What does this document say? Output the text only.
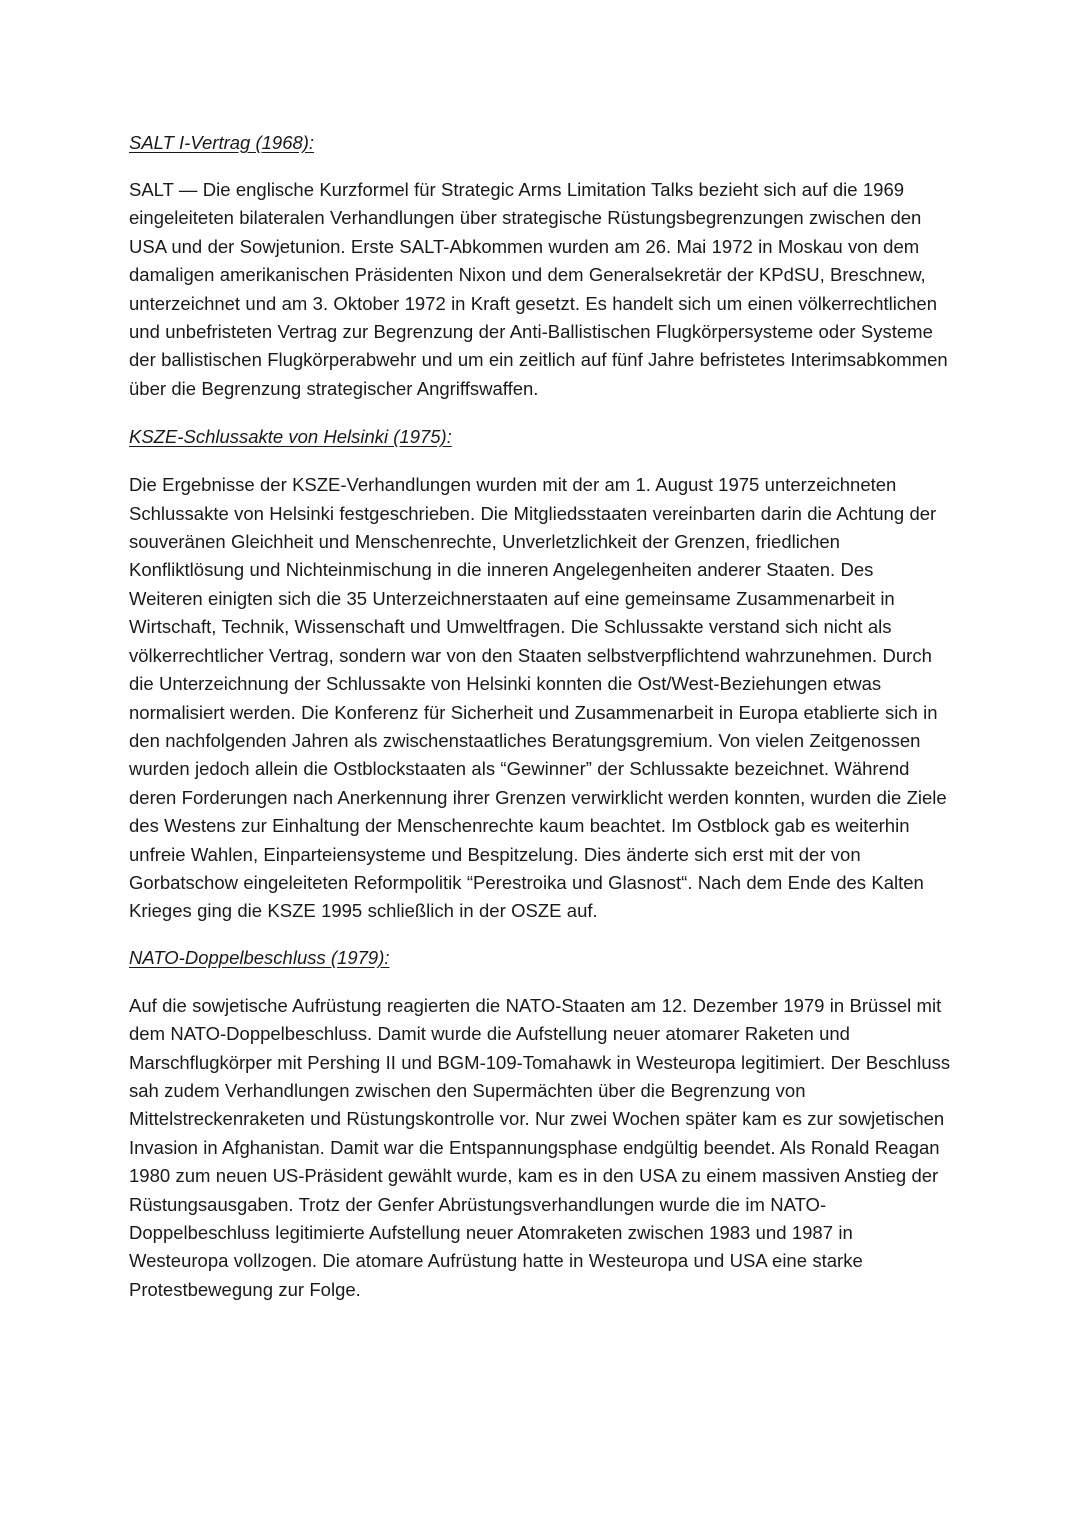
SALT I-Vertrag (1968):

SALT — Die englische Kurzformel für Strategic Arms Limitation Talks bezieht sich auf die 1969 eingeleiteten bilateralen Verhandlungen über strategische Rüstungsbegrenzungen zwischen den USA und der Sowjetunion. Erste SALT-Abkommen wurden am 26. Mai 1972 in Moskau von dem damaligen amerikanischen Präsidenten Nixon und dem Generalsekretär der KPdSU, Breschnew, unterzeichnet und am 3. Oktober 1972 in Kraft gesetzt. Es handelt sich um einen völkerrechtlichen und unbefristeten Vertrag zur Begrenzung der Anti-Ballistischen Flugkörpersysteme oder Systeme der ballistischen Flugkörperabwehr und um ein zeitlich auf fünf Jahre befristetes Interimsabkommen über die Begrenzung strategischer Angriffswaffen.

KSZE-Schlussakte von Helsinki (1975):

Die Ergebnisse der KSZE-Verhandlungen wurden mit der am 1. August 1975 unterzeichneten Schlussakte von Helsinki festgeschrieben. Die Mitgliedsstaaten vereinbarten darin die Achtung der souveränen Gleichheit und Menschenrechte, Unverletzlichkeit der Grenzen, friedlichen Konfliktlösung und Nichteinmischung in die inneren Angelegenheiten anderer Staaten. Des Weiteren einigten sich die 35 Unterzeichnerstaaten auf eine gemeinsame Zusammenarbeit in Wirtschaft, Technik, Wissenschaft und Umweltfragen. Die Schlussakte verstand sich nicht als völkerrechtlicher Vertrag, sondern war von den Staaten selbstverpflichtend wahrzunehmen. Durch die Unterzeichnung der Schlussakte von Helsinki konnten die Ost/West-Beziehungen etwas normalisiert werden. Die Konferenz für Sicherheit und Zusammenarbeit in Europa etablierte sich in den nachfolgenden Jahren als zwischenstaatliches Beratungsgremium. Von vielen Zeitgenossen wurden jedoch allein die Ostblockstaaten als “Gewinner” der Schlussakte bezeichnet. Während deren Forderungen nach Anerkennung ihrer Grenzen verwirklicht werden konnten, wurden die Ziele des Westens zur Einhaltung der Menschenrechte kaum beachtet. Im Ostblock gab es weiterhin unfreie Wahlen, Einparteiensysteme und Bespitzelung. Dies änderte sich erst mit der von Gorbatschow eingeleiteten Reformpolitik “Perestroika und Glasnost“. Nach dem Ende des Kalten Krieges ging die KSZE 1995 schließlich in der OSZE auf.

NATO-Doppelbeschluss (1979):

Auf die sowjetische Aufrüstung reagierten die NATO-Staaten am 12. Dezember 1979 in Brüssel mit dem NATO-Doppelbeschluss. Damit wurde die Aufstellung neuer atomarer Raketen und Marschflugkörper mit Pershing II und BGM-109-Tomahawk in Westeuropa legitimiert. Der Beschluss sah zudem Verhandlungen zwischen den Supermächten über die Begrenzung von Mittelstreckenraketen und Rüstungskontrolle vor. Nur zwei Wochen später kam es zur sowjetischen Invasion in Afghanistan. Damit war die Entspannungsphase endgültig beendet. Als Ronald Reagan 1980 zum neuen US-Präsident gewählt wurde, kam es in den USA zu einem massiven Anstieg der Rüstungsausgaben. Trotz der Genfer Abrüstungsverhandlungen wurde die im NATO-Doppelbeschluss legitimierte Aufstellung neuer Atomraketen zwischen 1983 und 1987 in Westeuropa vollzogen. Die atomare Aufrüstung hatte in Westeuropa und USA eine starke Protestbewegung zur Folge.
